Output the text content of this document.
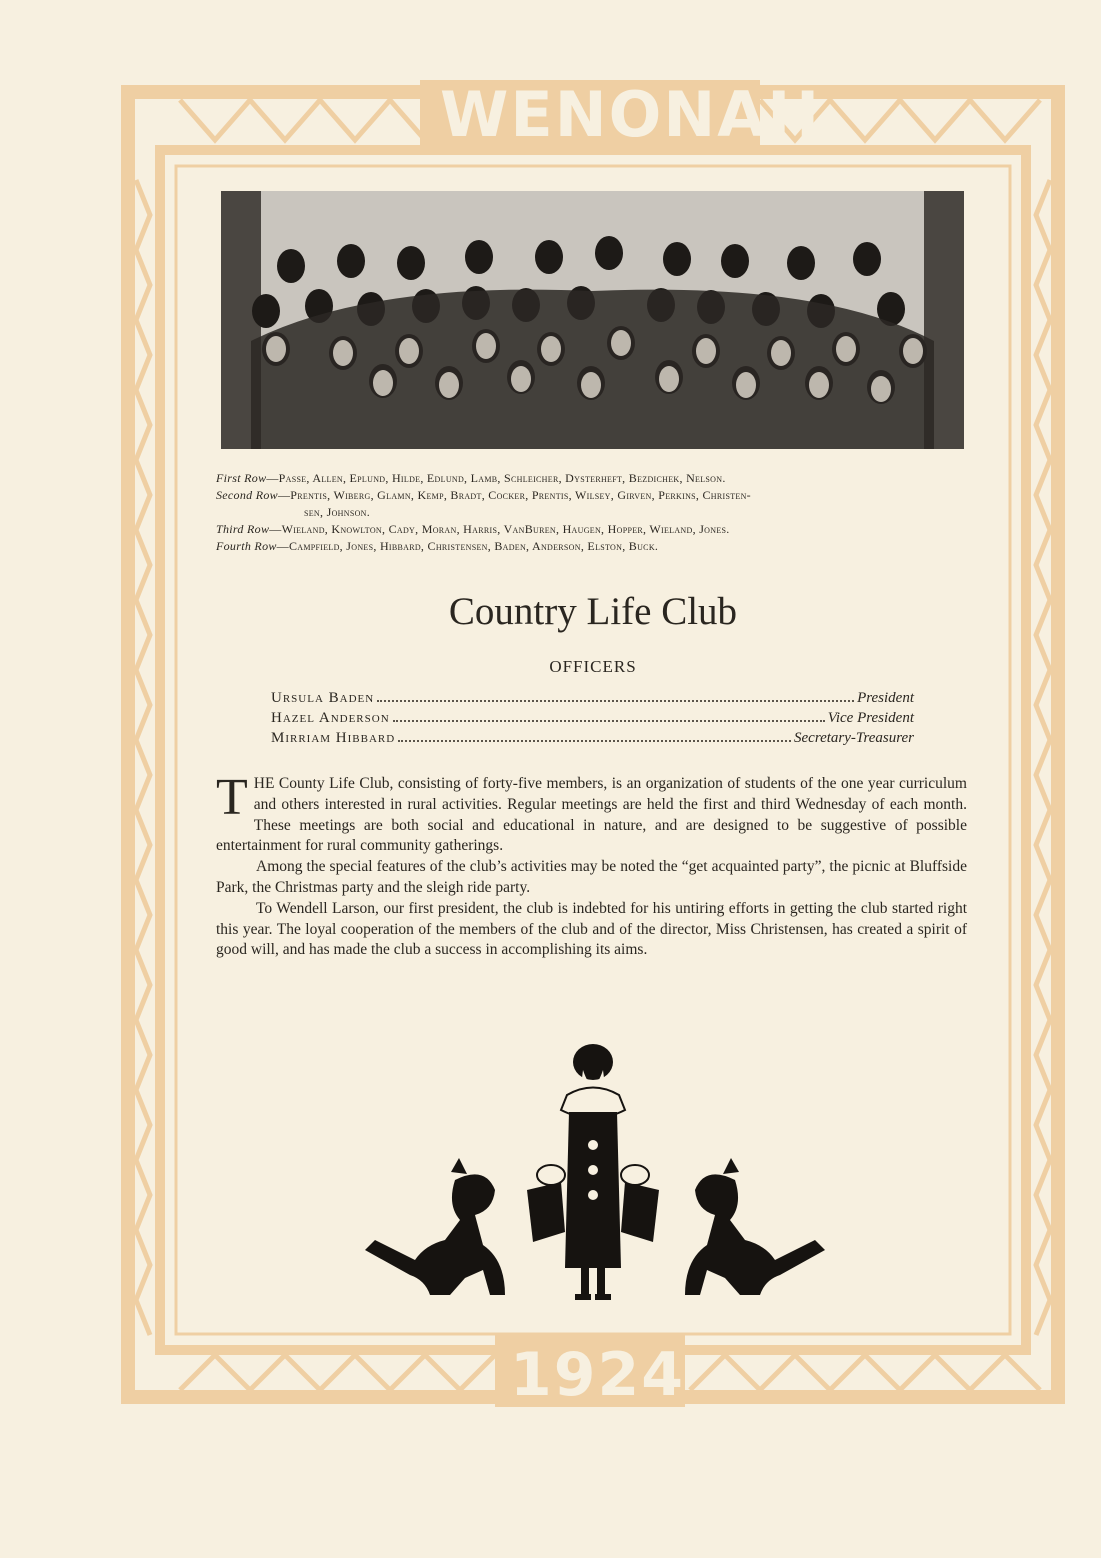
WENONAH
1924
First Row—Passe, Allen, Eplund, Hilde, Edlund, Lamb, Schleicher, Dysterheft, Bezdichek, Nelson.
Second Row—Prentis, Wiberg, Glamn, Kemp, Bradt, Cocker, Prentis, Wilsey, Girven, Perkins, Christen-
sen, Johnson.
Third Row—Wieland, Knowlton, Cady, Moran, Harris, VanBuren, Haugen, Hopper, Wieland, Jones.
Fourth Row—Campfield, Jones, Hibbard, Christensen, Baden, Anderson, Elston, Buck.
Country Life Club
OFFICERS
Ursula Baden	President
Hazel Anderson	Vice President
Mirriam Hibbard	Secretary-Treasurer

THE County Life Club, consisting of forty-five members, is an organization of students of the one year curriculum and others interested in rural activities. Regular meetings are held the first and third Wednesday of each month. These meetings are both social and educational in nature, and are designed to be suggestive of possible entertainment for rural community gatherings.

Among the special features of the club’s activities may be noted the “get acquainted party”, the picnic at Bluffside Park, the Christmas party and the sleigh ride party.

To Wendell Larson, our first president, the club is indebted for his untiring efforts in getting the club started right this year. The loyal cooperation of the members of the club and of the director, Miss Christensen, has created a spirit of good will, and has made the club a success in accomplishing its aims.
